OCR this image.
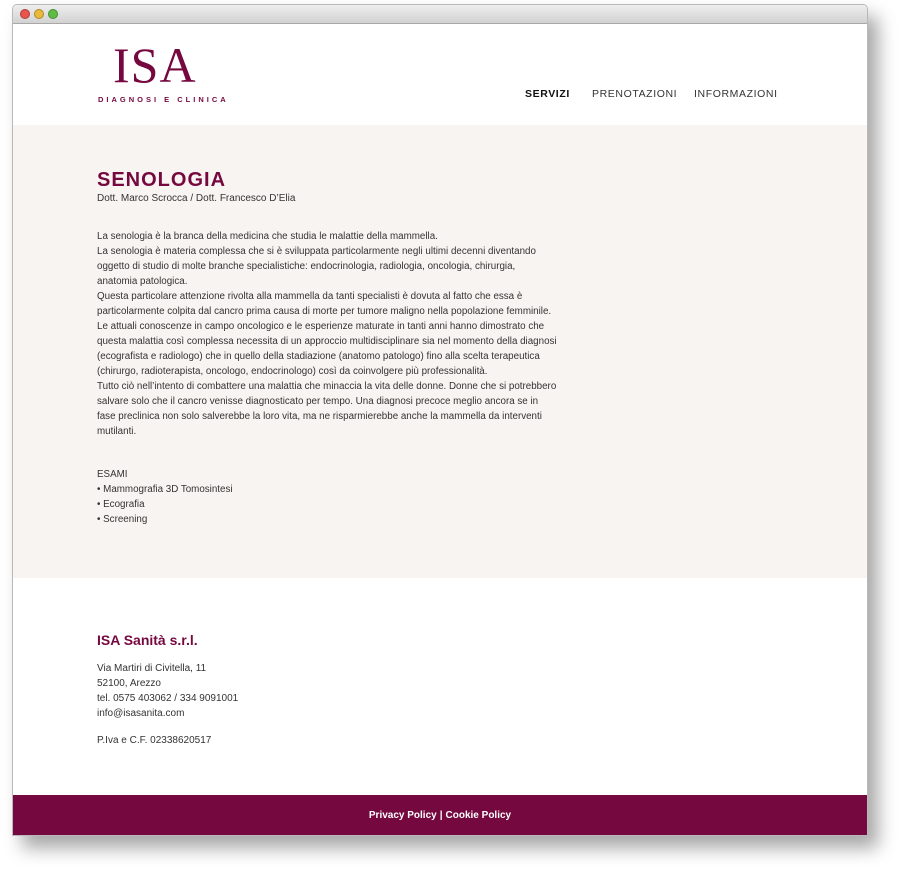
ISA
DIAGNOSI E CLINICA	SERVIZI PRENOTAZIONI INFORMAZIONI
SENOLOGIA
Dott. Marco Scrocca / Dott. Francesco D’Elia

La senologia è la branca della medicina che studia le malattie della mammella.

La senologia è materia complessa che si è sviluppata particolarmente negli ultimi decenni diventando oggetto di studio di molte branche specialistiche: endocrinologia, radiologia, oncologia, chirurgia, anatomia patologica.

Questa particolare attenzione rivolta alla mammella da tanti specialisti è dovuta al fatto che essa è particolarmente colpita dal cancro prima causa di morte per tumore maligno nella popolazione femminile. Le attuali conoscenze in campo oncologico e le esperienze maturate in tanti anni hanno dimostrato che questa malattia così complessa necessita di un approccio multidisciplinare sia nel momento della diagnosi (ecografista e radiologo) che in quello della stadiazione (anatomo patologo) fino alla scelta terapeutica (chirurgo, radioterapista, oncologo, endocrinologo) così da coinvolgere più professionalità.

Tutto ciò nell’intento di combattere una malattia che minaccia la vita delle donne. Donne che si potrebbero salvare solo che il cancro venisse diagnosticato per tempo. Una diagnosi precoce meglio ancora se in fase preclinica non solo salverebbe la loro vita, ma ne risparmierebbe anche la mammella da interventi mutilanti.

ESAMI
• Mammografia 3D Tomosintesi
• Ecografia
• Screening
ISA Sanità s.r.l.
Via Martiri di Civitella, 11
52100, Arezzo
tel. 0575 403062 / 334 9091001
info@isasanita.com
P.Iva e C.F. 02338620517
Privacy Policy | Cookie Policy
